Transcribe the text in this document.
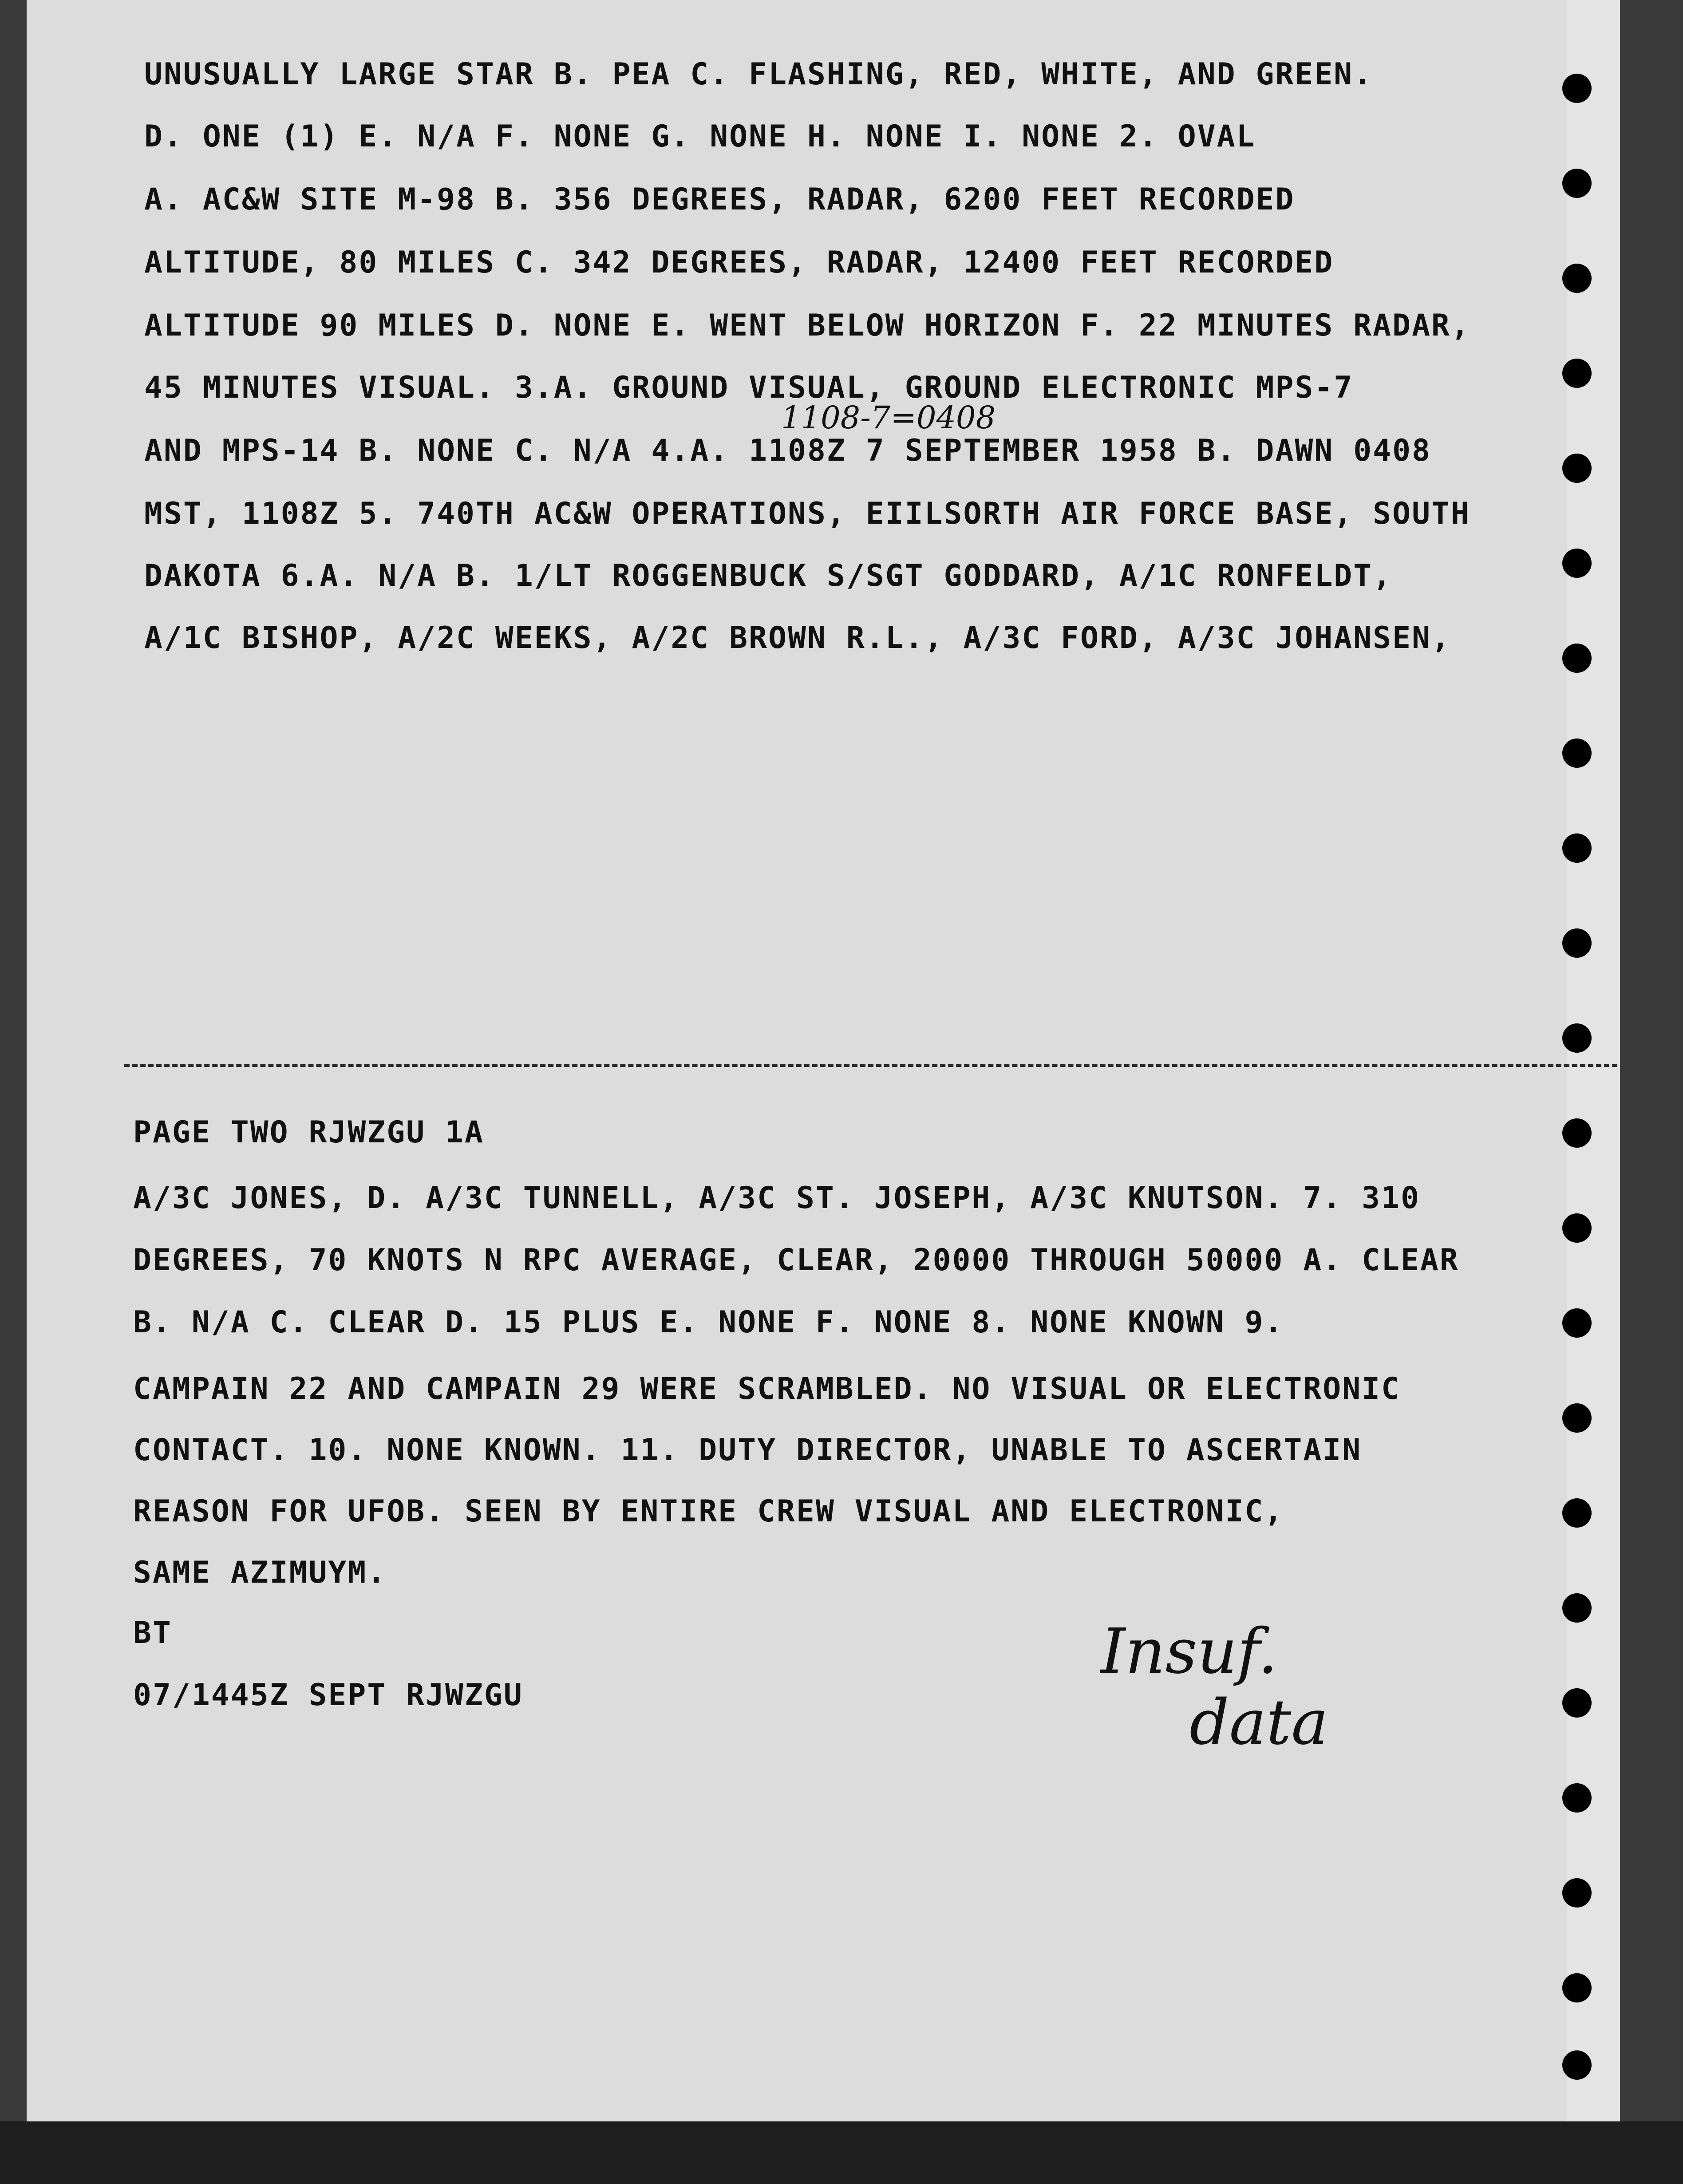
UNUSUALLY LARGE STAR B. PEA C. FLASHING, RED, WHITE, AND GREEN.
D. ONE (1) E. N/A F. NONE G. NONE H. NONE I. NONE 2. OVAL
A. AC&W SITE M-98 B. 356 DEGREES, RADAR, 6200 FEET RECORDED
ALTITUDE, 80 MILES C. 342 DEGREES, RADAR, 12400 FEET RECORDED
ALTITUDE 90 MILES D. NONE E. WENT BELOW HORIZON F. 22 MINUTES RADAR,
45 MINUTES VISUAL. 3.A. GROUND VISUAL, GROUND ELECTRONIC MPS-7
1108-7=0408
AND MPS-14 B. NONE C. N/A 4.A. 1108Z 7 SEPTEMBER 1958 B. DAWN 0408
MST, 1108Z 5. 740TH AC&W OPERATIONS, EIILSORTH AIR FORCE BASE, SOUTH
DAKOTA 6.A. N/A B. 1/LT ROGGENBUCK S/SGT GODDARD, A/1C RONFELDT,
A/1C BISHOP, A/2C WEEKS, A/2C BROWN R.L., A/3C FORD, A/3C JOHANSEN,
PAGE TWO RJWZGU 1A
A/3C JONES, D. A/3C TUNNELL, A/3C ST. JOSEPH, A/3C KNUTSON. 7. 310
DEGREES, 70 KNOTS N RPC AVERAGE, CLEAR, 20000 THROUGH 50000 A. CLEAR
B. N/A C. CLEAR D. 15 PLUS E. NONE F. NONE 8. NONE KNOWN 9.
CAMPAIN 22 AND CAMPAIN 29 WERE SCRAMBLED. NO VISUAL OR ELECTRONIC
CONTACT. 10. NONE KNOWN. 11. DUTY DIRECTOR, UNABLE TO ASCERTAIN
REASON FOR UFOB. SEEN BY ENTIRE CREW VISUAL AND ELECTRONIC,
SAME AZIMUYM.
BT
07/1445Z SEPT RJWZGU
Insuf.
data
